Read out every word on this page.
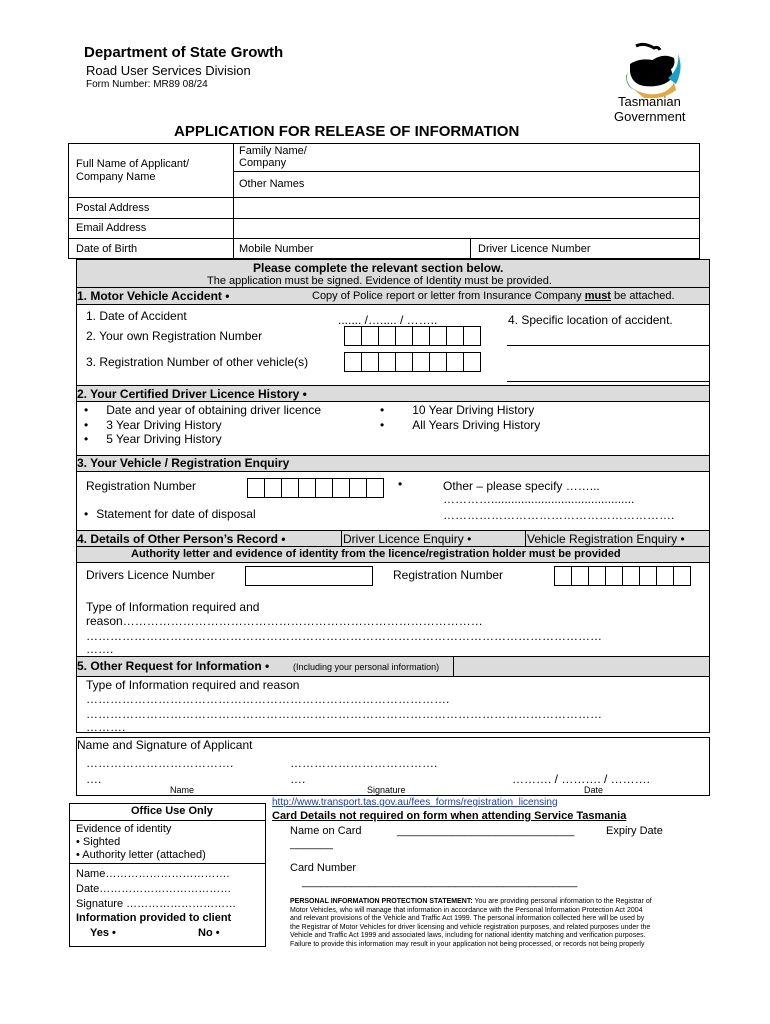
Department of State Growth
Road User Services Division
Form Number: MR89 08/24
Tasmanian
Government
APPLICATION FOR RELEASE OF INFORMATION
Full Name of Applicant/ Company Name
Family Name/ Company
Other Names
Postal Address
Email Address
Date of Birth	Mobile Number	Driver Licence Number
Please complete the relevant section below.
The application must be signed. Evidence of Identity must be provided.
1. Motor Vehicle Accident •	Copy of Police report or letter from Insurance Company must be attached.
1. Date of Accident	....... /…..... / ……..
2. Your own Registration Number
3. Registration Number of other vehicle(s)
4. Specific location of accident.
2. Your Certified Driver Licence History •
• Date and year of obtaining driver licence
• 3 Year Driving History
• 5 Year Driving History
• 10 Year Driving History
• All Years Driving History
3. Your Vehicle / Registration Enquiry
Registration Number •	Other – please specify ……...
…………...........................................
………………………………………………….
• Statement for date of disposal
4. Details of Other Person’s Record •	Driver Licence Enquiry •	Vehicle Registration Enquiry •
Authority letter and evidence of identity from the licence/registration holder must be provided
Drivers Licence Number	Registration Number
Type of Information required and
reason………………………………………………………………………………
…………………………………………………………………………………………………………………
…….
5. Other Request for Information •	(Including your personal information)
Type of Information required and reason
……………………………………………………………………………….
…………………………………………………………………………………………………………………
……….
Name and Signature of Applicant
……………………………….
….
……………………………….
….	………. / ………. / ……….
Name	Signature	Date
Office Use Only
Evidence of identity
• Sighted
• Authority letter (attached)
Name…………………………….
Date………………………………
Signature …………………………
Information provided to client
Yes •	No •
http://www.transport.tas.gov.au/fees_forms/registration_licensing
Card Details not required on form when attending Service Tasmania
Name on Card	_____________________________	Expiry Date
_______
Card Number
_____________________________________________
PERSONAL INFORMATION PROTECTION STATEMENT: You are providing personal information to the Registrar of
Motor Vehicles, who will manage that information in accordance with the Personal Information Protection Act 2004
and relevant provisions of the Vehicle and Traffic Act 1999. The personal information collected here will be used by
the Registrar of Motor Vehicles for driver licensing and vehicle registration purposes, and related purposes under the
Vehicle and Traffic Act 1999 and associated laws, including for national identity matching and verification purposes.
Failure to provide this information may result in your application not being processed, or records not being properly
